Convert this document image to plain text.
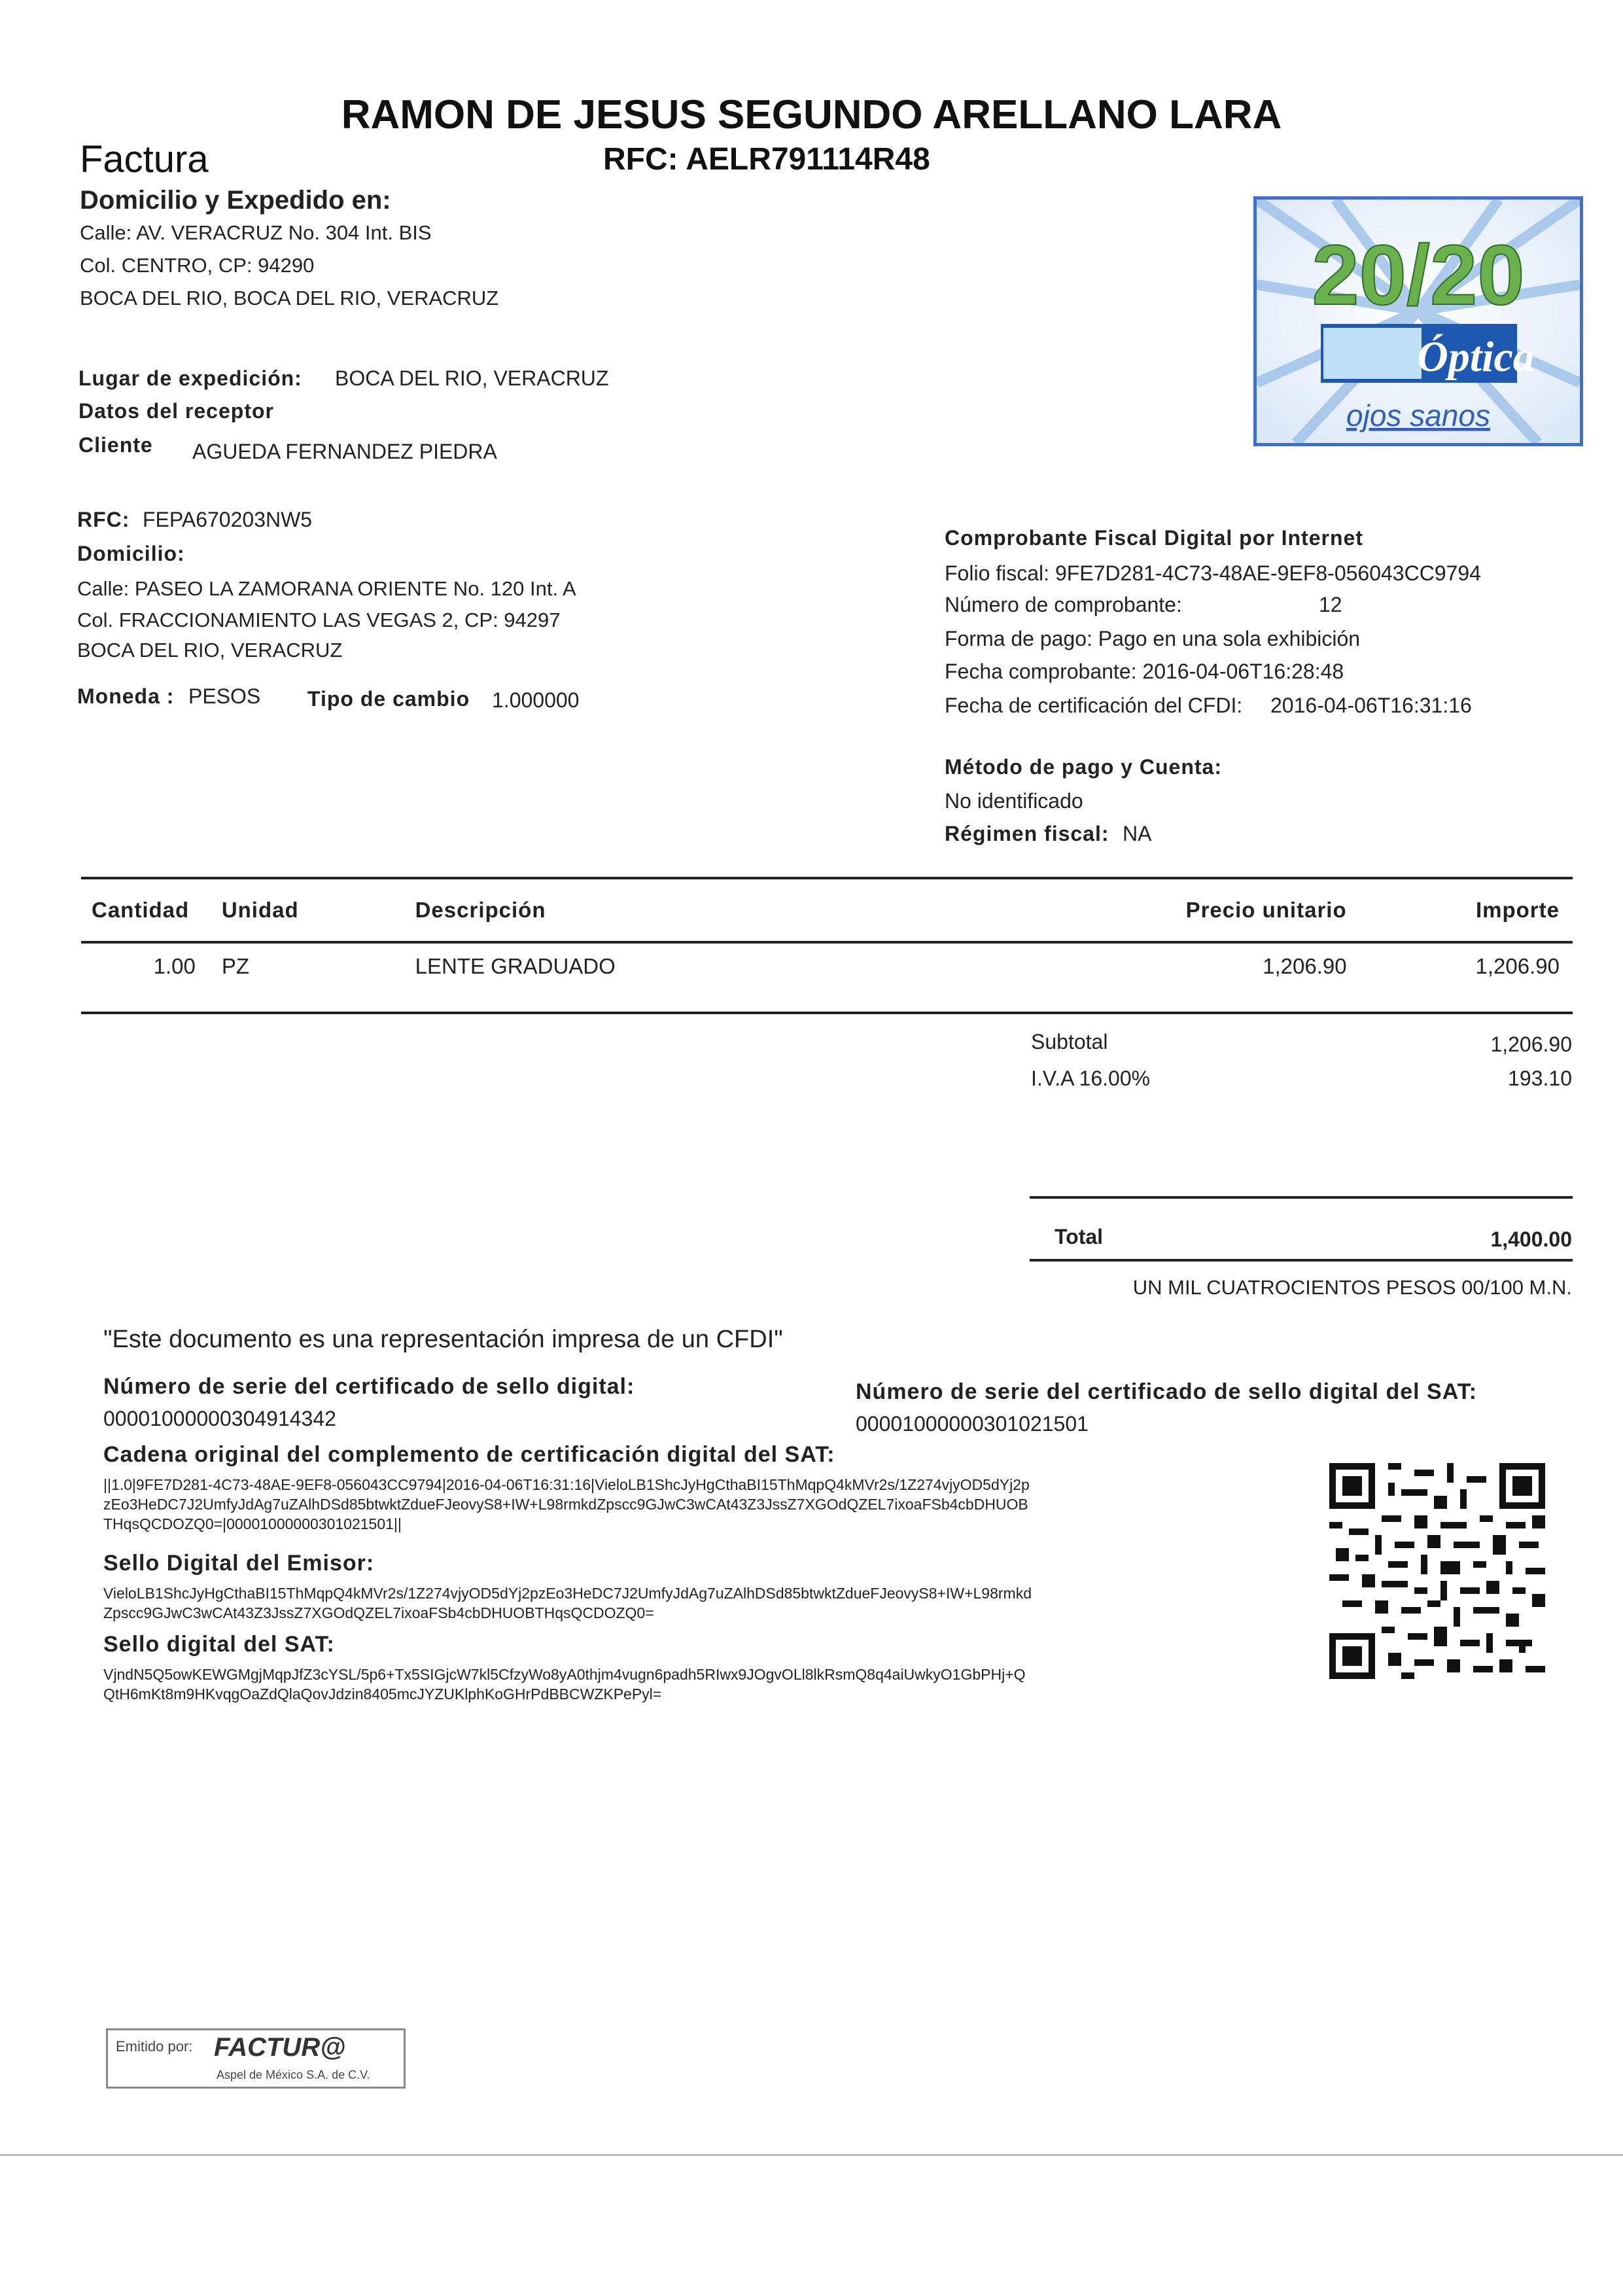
RAMON DE JESUS SEGUNDO ARELLANO LARA
Factura	RFC: AELR791114R48
Domicilio y Expedido en:
Calle: AV. VERACRUZ No. 304 Int. BIS
Col. CENTRO, CP: 94290
BOCA DEL RIO, BOCA DEL RIO, VERACRUZ
Lugar de expedición: BOCA DEL RIO, VERACRUZ
20/20
Óptica
ojos sanos
Datos del receptor
Cliente AGUEDA FERNANDEZ PIEDRA
RFC: FEPA670203NW5
Domicilio:
Calle: PASEO LA ZAMORANA ORIENTE No. 120 Int. A
Col. FRACCIONAMIENTO LAS VEGAS 2, CP: 94297
BOCA DEL RIO, VERACRUZ
Moneda : PESOS Tipo de cambio 1.000000
Comprobante Fiscal Digital por Internet
Folio fiscal: 9FE7D281-4C73-48AE-9EF8-056043CC9794
Número de comprobante:	12
Forma de pago: Pago en una sola exhibición
Fecha comprobante: 2016-04-06T16:28:48
Fecha de certificación del CFDI: 2016-04-06T16:31:16
Método de pago y Cuenta:
No identificado
Régimen fiscal: NA
Cantidad	Unidad	Descripción	Precio unitario	Importe
1.00	PZ	LENTE GRADUADO	1,206.90	1,206.90
Subtotal	1,206.90
I.V.A 16.00%	193.10
Total	1,400.00
UN MIL CUATROCIENTOS PESOS 00/100 M.N.
"Este documento es una representación impresa de un CFDI"
Número de serie del certificado de sello digital:
00001000000304914342
Número de serie del certificado de sello digital del SAT:
00001000000301021501
Cadena original del complemento de certificación digital del SAT:
||1.0|9FE7D281-4C73-48AE-9EF8-056043CC9794|2016-04-06T16:31:16|VieloLB1ShcJyHgCthaBI15ThMqpQ4kMVr2s/1Z274vjyOD5dYj2pzEo3HeDC7J2UmfyJdAg7uZAlhDSd85btwktZdueFJeovyS8+IW+L98rmkdZpscc9GJwC3wCAt43Z3JssZ7XGOdQZEL7ixoaFSb4cbDHUOBTHqsQCDOZQ0=|00001000000301021501||
Sello Digital del Emisor:
VieloLB1ShcJyHgCthaBI15ThMqpQ4kMVr2s/1Z274vjyOD5dYj2pzEo3HeDC7J2UmfyJdAg7uZAlhDSd85btwktZdueFJeovyS8+IW+L98rmkdZpscc9GJwC3wCAt43Z3JssZ7XGOdQZEL7ixoaFSb4cbDHUOBTHqsQCDOZQ0=
Sello digital del SAT:
VjndN5Q5owKEWGMgjMqpJfZ3cYSL/5p6+Tx5SIGjcW7kl5CfzyWo8yA0thjm4vugn6padh5RIwx9JOgvOLl8lkRsmQ8q4aiUwkyO1GbPHj+QQtH6mKt8m9HKvqgOaZdQlaQovJdzin8405mcJYZUKlphKoGHrPdBBCWZKPePyl=
Emitido por: FACTUR@
Aspel de México S.A. de C.V.
